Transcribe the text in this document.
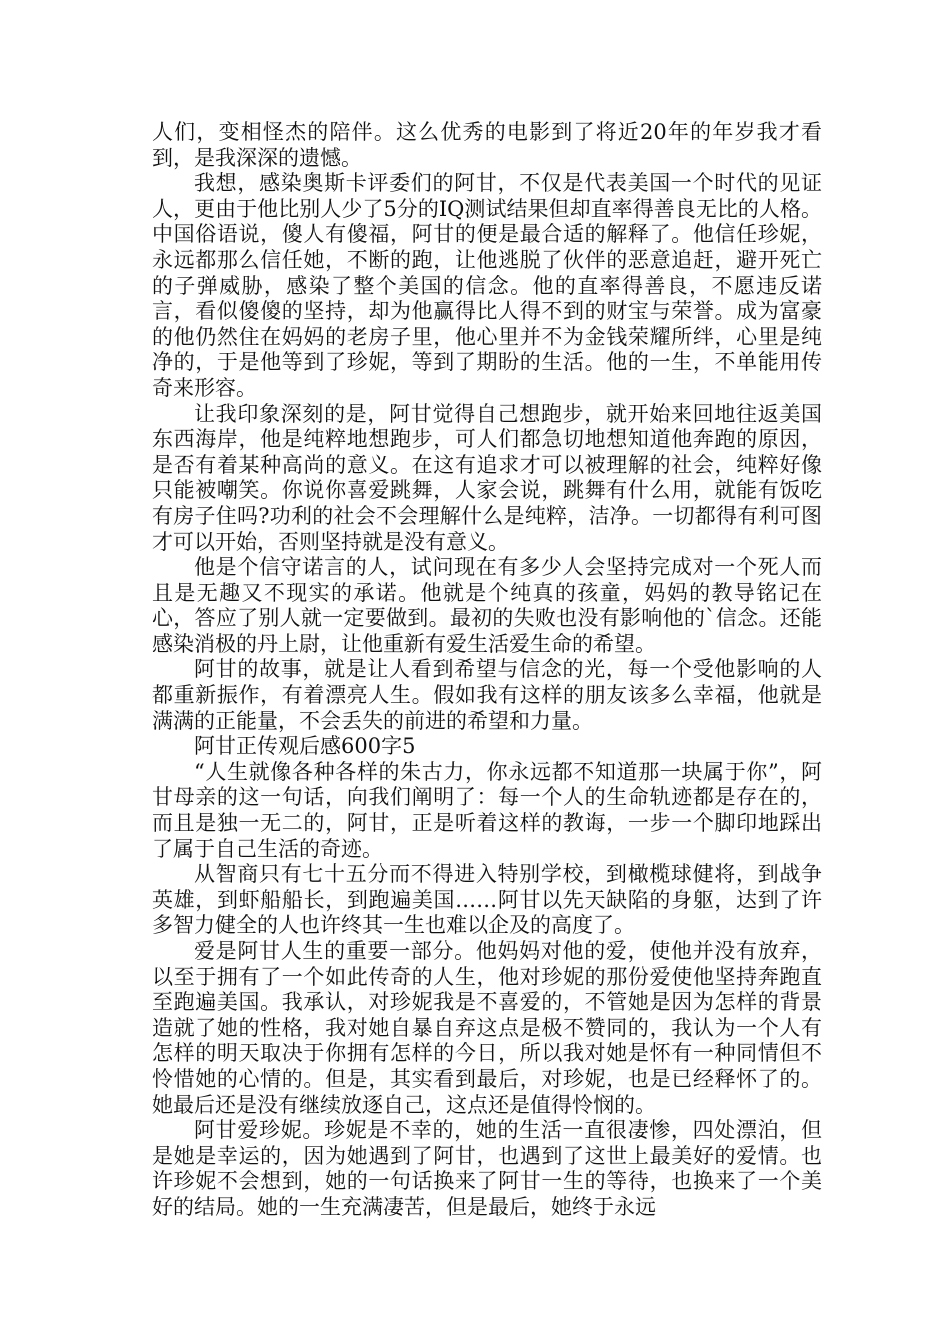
人们，变相怪杰的陪伴。这么优秀的电影到了将近20年的年岁我才看到，是我深深的遗憾。

我想，感染奥斯卡评委们的阿甘，不仅是代表美国一个时代的见证人，更由于他比别人少了5分的IQ测试结果但却直率得善良无比的人格。中国俗语说，傻人有傻福，阿甘的便是最合适的解释了。他信任珍妮，永远都那么信任她，不断的跑，让他逃脱了伙伴的恶意追赶，避开死亡的子弹威胁，感染了整个美国的信念。他的直率得善良，不愿违反诺言，看似傻傻的坚持，却为他赢得比人得不到的财宝与荣誉。成为富豪的他仍然住在妈妈的老房子里，他心里并不为金钱荣耀所绊，心里是纯净的，于是他等到了珍妮，等到了期盼的生活。他的一生，不单能用传奇来形容。

让我印象深刻的是，阿甘觉得自己想跑步，就开始来回地往返美国东西海岸，他是纯粹地想跑步，可人们都急切地想知道他奔跑的原因，是否有着某种高尚的意义。在这有追求才可以被理解的社会，纯粹好像只能被嘲笑。你说你喜爱跳舞，人家会说，跳舞有什么用，就能有饭吃有房子住吗?功利的社会不会理解什么是纯粹，洁净。一切都得有利可图才可以开始，否则坚持就是没有意义。

他是个信守诺言的人，试问现在有多少人会坚持完成对一个死人而且是无趣又不现实的承诺。他就是个纯真的孩童，妈妈的教导铭记在心，答应了别人就一定要做到。最初的失败也没有影响他的`信念。还能感染消极的丹上尉，让他重新有爱生活爱生命的希望。

阿甘的故事，就是让人看到希望与信念的光，每一个受他影响的人都重新振作，有着漂亮人生。假如我有这样的朋友该多么幸福，他就是满满的正能量，不会丢失的前进的希望和力量。

阿甘正传观后感600字5

“人生就像各种各样的朱古力，你永远都不知道那一块属于你”，阿甘母亲的这一句话，向我们阐明了：每一个人的生命轨迹都是存在的，而且是独一无二的，阿甘，正是听着这样的教诲，一步一个脚印地踩出了属于自己生活的奇迹。

从智商只有七十五分而不得进入特别学校，到橄榄球健将，到战争英雄，到虾船船长，到跑遍美国……阿甘以先天缺陷的身躯，达到了许多智力健全的人也许终其一生也难以企及的高度了。

爱是阿甘人生的重要一部分。他妈妈对他的爱，使他并没有放弃，以至于拥有了一个如此传奇的人生，他对珍妮的那份爱使他坚持奔跑直至跑遍美国。我承认，对珍妮我是不喜爱的，不管她是因为怎样的背景造就了她的性格，我对她自暴自弃这点是极不赞同的，我认为一个人有怎样的明天取决于你拥有怎样的今日，所以我对她是怀有一种同情但不怜惜她的心情的。但是，其实看到最后，对珍妮，也是已经释怀了的。她最后还是没有继续放逐自己，这点还是值得怜悯的。

阿甘爱珍妮。珍妮是不幸的，她的生活一直很凄惨，四处漂泊，但是她是幸运的，因为她遇到了阿甘，也遇到了这世上最美好的爱情。也许珍妮不会想到，她的一句话换来了阿甘一生的等待，也换来了一个美好的结局。她的一生充满凄苦，但是最后，她终于永远
